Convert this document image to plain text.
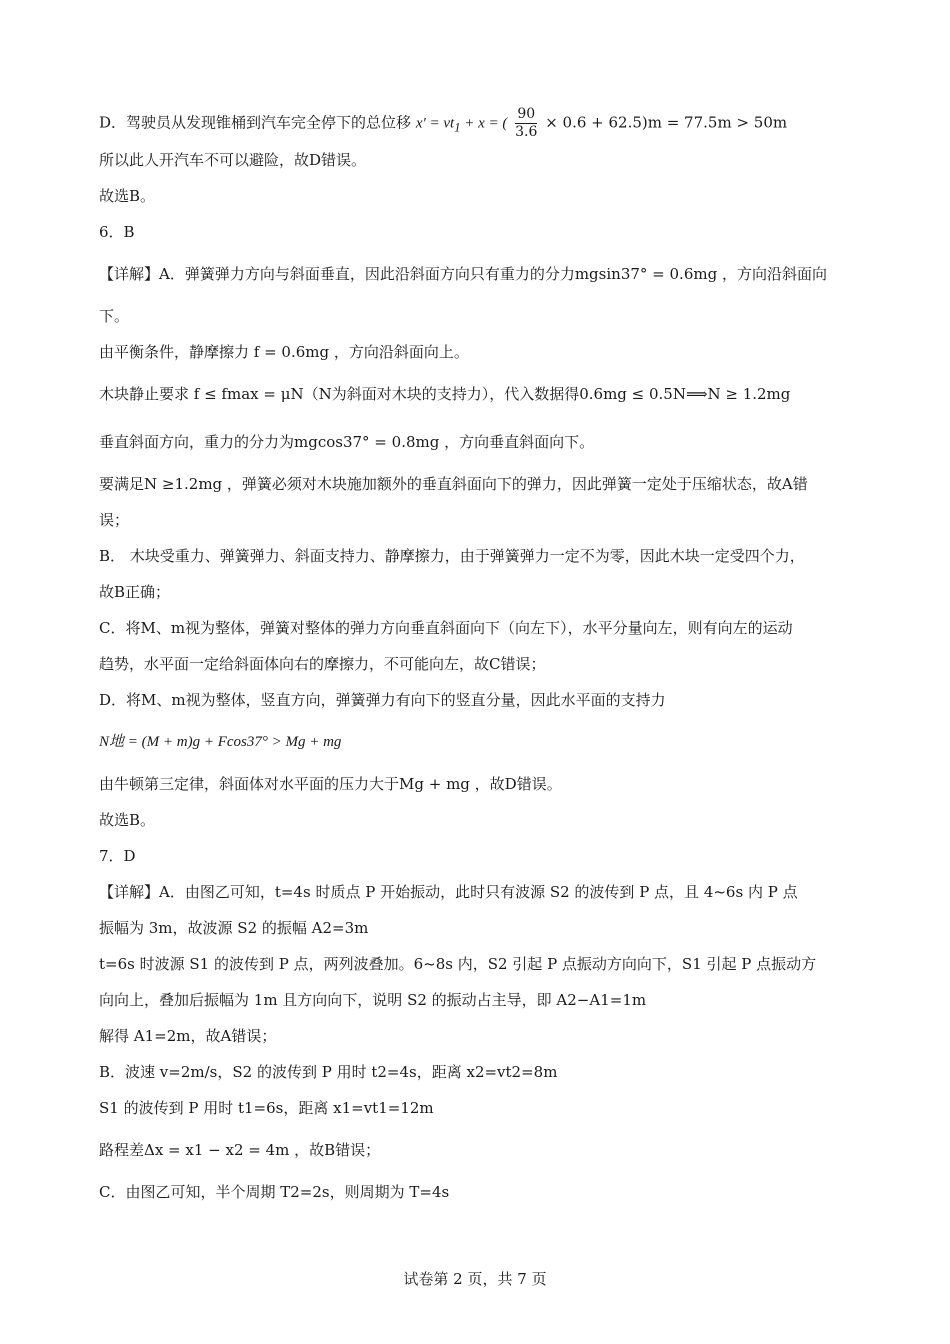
D．驾驶员从发现锥桶到汽车完全停下的总位移 $x' = vt_1 + x$ = ( $\frac{90}{3.6} \times 0.6 + 62.5)m = 77.5m > 50m$
所以此人开汽车不可以避险，故D错误。
故选B。
6．B
【详解】A．弹簧弹力方向与斜面垂直，因此沿斜面方向只有重力的分力mgsin37° = 0.6mg ，方向沿斜面向
下。
由平衡条件，静摩擦力 f = 0.6mg ，方向沿斜面向上。
木块静止要求 f ≤ fmax = μN（N为斜面对木块的支持力），代入数据得0.6mg ≤ 0.5N⟹N ≥ 1.2mg
垂直斜面方向，重力的分力为mgcos37° = 0.8mg ，方向垂直斜面向下。
要满足N ≥1.2mg ，弹簧必须对木块施加额外的垂直斜面向下的弹力，因此弹簧一定处于压缩状态，故A错
误；
B． 木块受重力、弹簧弹力、斜面支持力、静摩擦力，由于弹簧弹力一定不为零，因此木块一定受四个力，
故B正确；
C．将M、m视为整体，弹簧对整体的弹力方向垂直斜面向下（向左下），水平分量向左，则有向左的运动
趋势，水平面一定给斜面体向右的摩擦力，不可能向左，故C错误；
D．将M、m视为整体，竖直方向，弹簧弹力有向下的竖直分量，因此水平面的支持力
N地 = (M + m)g + Fcos37° > Mg + mg
由牛顿第三定律，斜面体对水平面的压力大于Mg + mg ，故D错误。
故选B。
7．D
【详解】A．由图乙可知，t=4s 时质点 P 开始振动，此时只有波源 S2 的波传到 P 点，且 4~6s 内 P 点
振幅为 3m，故波源 S2 的振幅 A2=3m
t=6s 时波源 S1 的波传到 P 点，两列波叠加。6~8s 内，S2 引起 P 点振动方向向下，S1 引起 P 点振动方
向向上，叠加后振幅为 1m 且方向向下，说明 S2 的振动占主导，即 A2−A1=1m
解得 A1=2m，故A错误；
B．波速 v=2m/s，S2 的波传到 P 用时 t2=4s，距离 x2=vt2=8m
S1 的波传到 P 用时 t1=6s，距离 x1=vt1=12m
路程差Δx = x1 − x2 = 4m ，故B错误；
C．由图乙可知，半个周期 T2=2s，则周期为 T=4s
试卷第 2 页，共 7 页
